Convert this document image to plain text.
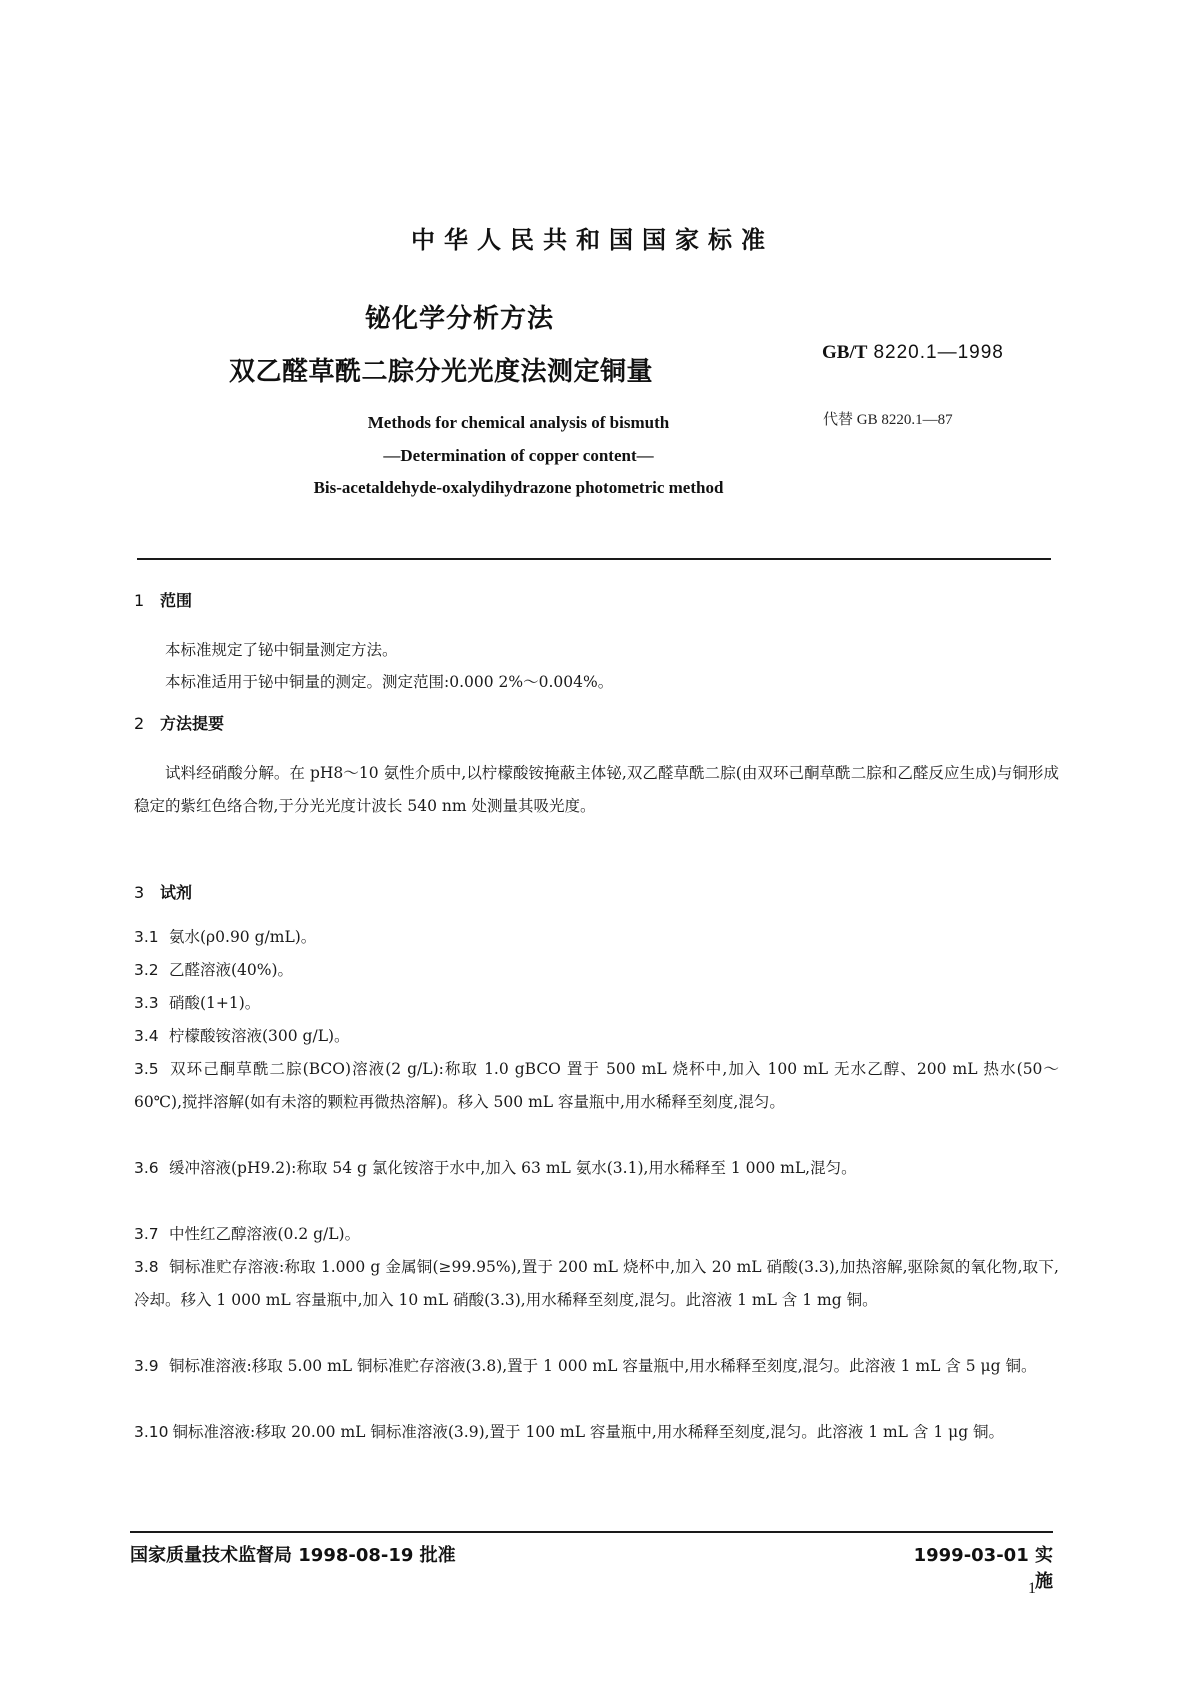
中华人民共和国国家标准
铋化学分析方法
双乙醛草酰二腙分光光度法测定铜量
GB/T 8220.1—1998
代替 GB 8220.1—87
Methods for chemical analysis of bismuth
—Determination of copper content—
Bis-acetaldehyde-oxalydihydrazone photometric method
1 范围
本标准规定了铋中铜量测定方法。
本标准适用于铋中铜量的测定。测定范围:0.000 2%～0.004%。
2 方法提要
试料经硝酸分解。在 pH8～10 氨性介质中,以柠檬酸铵掩蔽主体铋,双乙醛草酰二腙(由双环己酮草酰二腙和乙醛反应生成)与铜形成稳定的紫红色络合物,于分光光度计波长 540 nm 处测量其吸光度。
3 试剂
3.1 氨水(ρ0.90 g/mL)。
3.2 乙醛溶液(40%)。
3.3 硝酸(1+1)。
3.4 柠檬酸铵溶液(300 g/L)。
3.5 双环己酮草酰二腙(BCO)溶液(2 g/L):称取 1.0 gBCO 置于 500 mL 烧杯中,加入 100 mL 无水乙醇、200 mL 热水(50～60℃),搅拌溶解(如有未溶的颗粒再微热溶解)。移入 500 mL 容量瓶中,用水稀释至刻度,混匀。
3.6 缓冲溶液(pH9.2):称取 54 g 氯化铵溶于水中,加入 63 mL 氨水(3.1),用水稀释至 1 000 mL,混匀。
3.7 中性红乙醇溶液(0.2 g/L)。
3.8 铜标准贮存溶液:称取 1.000 g 金属铜(≥99.95%),置于 200 mL 烧杯中,加入 20 mL 硝酸(3.3),加热溶解,驱除氮的氧化物,取下,冷却。移入 1 000 mL 容量瓶中,加入 10 mL 硝酸(3.3),用水稀释至刻度,混匀。此溶液 1 mL 含 1 mg 铜。
3.9 铜标准溶液:移取 5.00 mL 铜标准贮存溶液(3.8),置于 1 000 mL 容量瓶中,用水稀释至刻度,混匀。此溶液 1 mL 含 5 μg 铜。
3.10 铜标准溶液:移取 20.00 mL 铜标准溶液(3.9),置于 100 mL 容量瓶中,用水稀释至刻度,混匀。此溶液 1 mL 含 1 μg 铜。
国家质量技术监督局 1998-08-19 批准	1999-03-01 实施
1
